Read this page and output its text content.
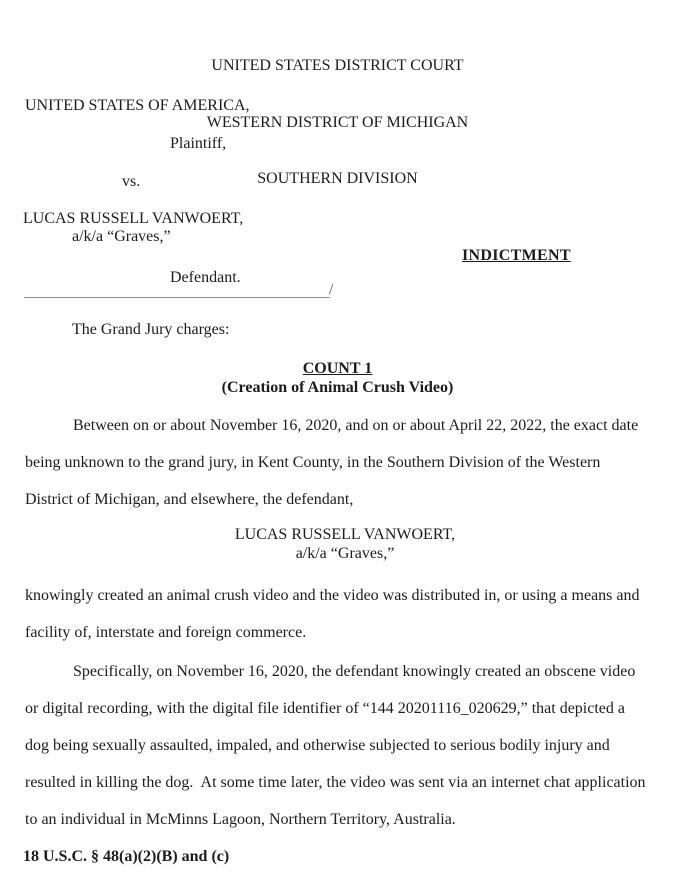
UNITED STATES DISTRICT COURT

WESTERN DISTRICT OF MICHIGAN

SOUTHERN DIVISION

UNITED STATES OF AMERICA,
Plaintiff,
vs.
LUCAS RUSSELL VANWOERT,
a/k/a “Graves,”
INDICTMENT
Defendant.
/
The Grand Jury charges:
COUNT 1
(Creation of Animal Crush Video)
Between on or about November 16, 2020, and on or about April 22, 2022, the exact date
being unknown to the grand jury, in Kent County, in the Southern Division of the Western
District of Michigan, and elsewhere, the defendant,
LUCAS RUSSELL VANWOERT,
a/k/a “Graves,”
knowingly created an animal crush video and the video was distributed in, or using a means and
facility of, interstate and foreign commerce.
Specifically, on November 16, 2020, the defendant knowingly created an obscene video
or digital recording, with the digital file identifier of “144 20201116_020629,” that depicted a
dog being sexually assaulted, impaled, and otherwise subjected to serious bodily injury and
resulted in killing the dog.  At some time later, the video was sent via an internet chat application
to an individual in McMinns Lagoon, Northern Territory, Australia.
18 U.S.C. § 48(a)(2)(B) and (c)
